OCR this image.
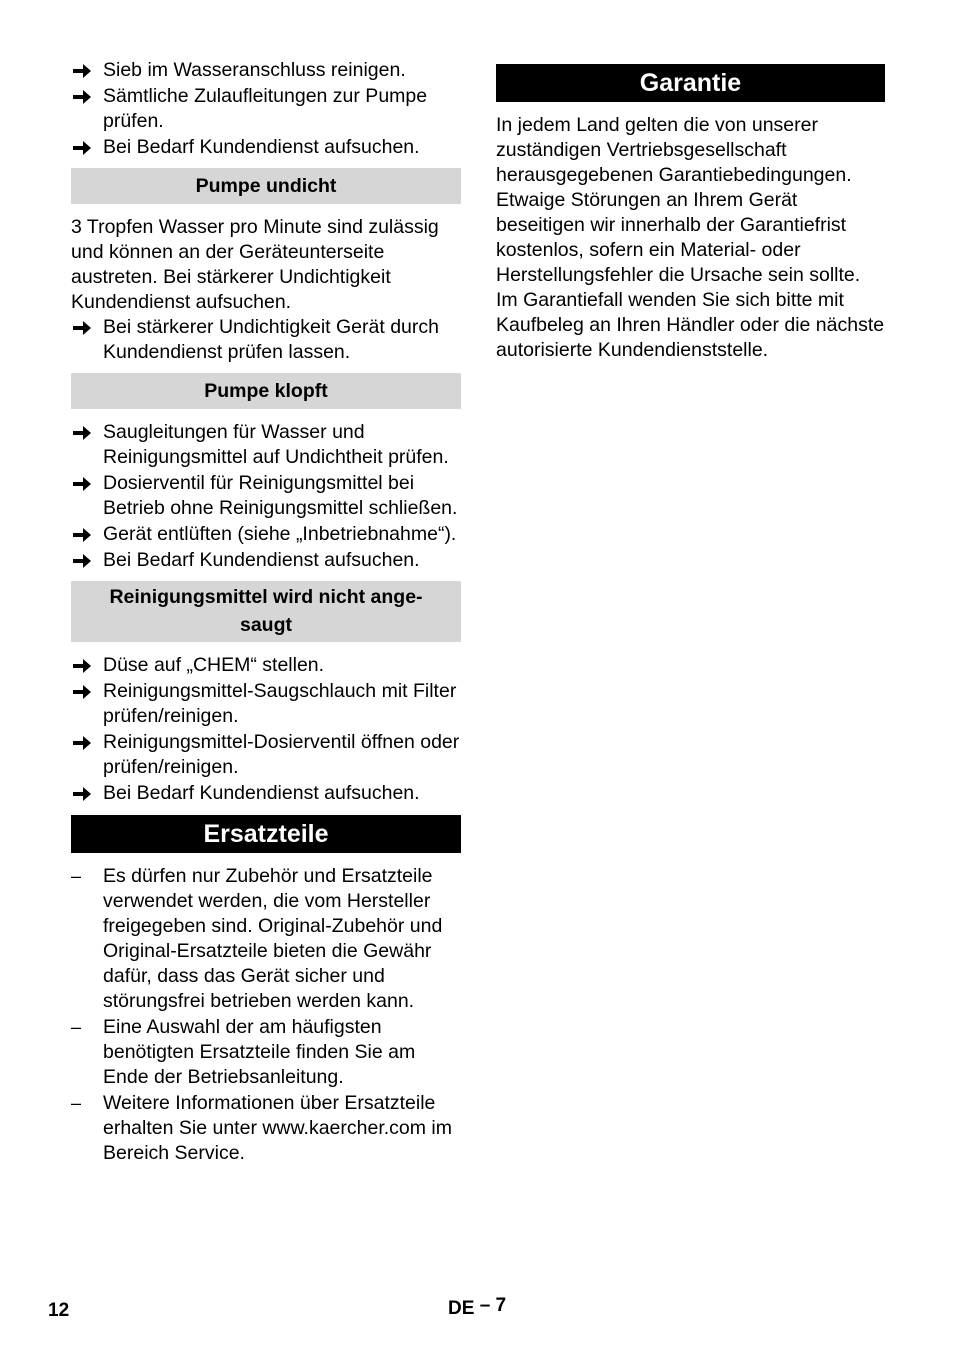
Sieb im Wasseranschluss reinigen.
Sämtliche Zulaufleitungen zur Pumpe prüfen.
Bei Bedarf Kundendienst aufsuchen.
Pumpe undicht

3 Tropfen Wasser pro Minute sind zulässig und können an der Geräteunterseite austreten. Bei stärkerer Undichtigkeit Kundendienst aufsuchen.

Bei stärkerer Undichtigkeit Gerät durch Kundendienst prüfen lassen.
Pumpe klopft
Saugleitungen für Wasser und Reinigungsmittel auf Undichtheit prüfen.
Dosierventil für Reinigungsmittel bei Betrieb ohne Reinigungsmittel schließen.
Gerät entlüften (siehe „Inbetriebnahme“).
Bei Bedarf Kundendienst aufsuchen.
Reinigungsmittel wird nicht ange-
saugt
Düse auf „CHEM“ stellen.
Reinigungsmittel-Saugschlauch mit Filter prüfen/reinigen.
Reinigungsmittel-Dosierventil öffnen oder prüfen/reinigen.
Bei Bedarf Kundendienst aufsuchen.
Ersatzteile
– Es dürfen nur Zubehör und Ersatzteile verwendet werden, die vom Hersteller freigegeben sind. Original-Zubehör und Original-Ersatzteile bieten die Gewähr dafür, dass das Gerät sicher und störungsfrei betrieben werden kann.
– Eine Auswahl der am häufigsten benötigten Ersatzteile finden Sie am Ende der Betriebsanleitung.
– Weitere Informationen über Ersatzteile erhalten Sie unter www.kaercher.com im Bereich Service.
Garantie

In jedem Land gelten die von unserer zuständigen Vertriebsgesellschaft herausgegebenen Garantiebedingungen. Etwaige Störungen an Ihrem Gerät beseitigen wir innerhalb der Garantiefrist kostenlos, sofern ein Material- oder Herstellungsfehler die Ursache sein sollte. Im Garantiefall wenden Sie sich bitte mit Kaufbeleg an Ihren Händler oder die nächste autorisierte Kundendienststelle.

12	DE – 7
